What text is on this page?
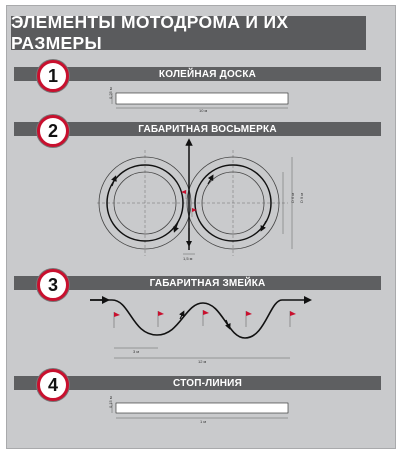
ЭЛЕМЕНТЫ МОТОДРОМА И ИХ РАЗМЕРЫ
КОЛЕЙНАЯ ДОСКА
ГАБАРИТНАЯ ВОСЬМЕРКА
ГАБАРИТНАЯ ЗМЕЙКА
СТОП-ЛИНИЯ
1
2
3
4
0,25 м
10 м
1,5 м
D 6 м D 9 м
3 м
12 м
0,15 м
1 м
